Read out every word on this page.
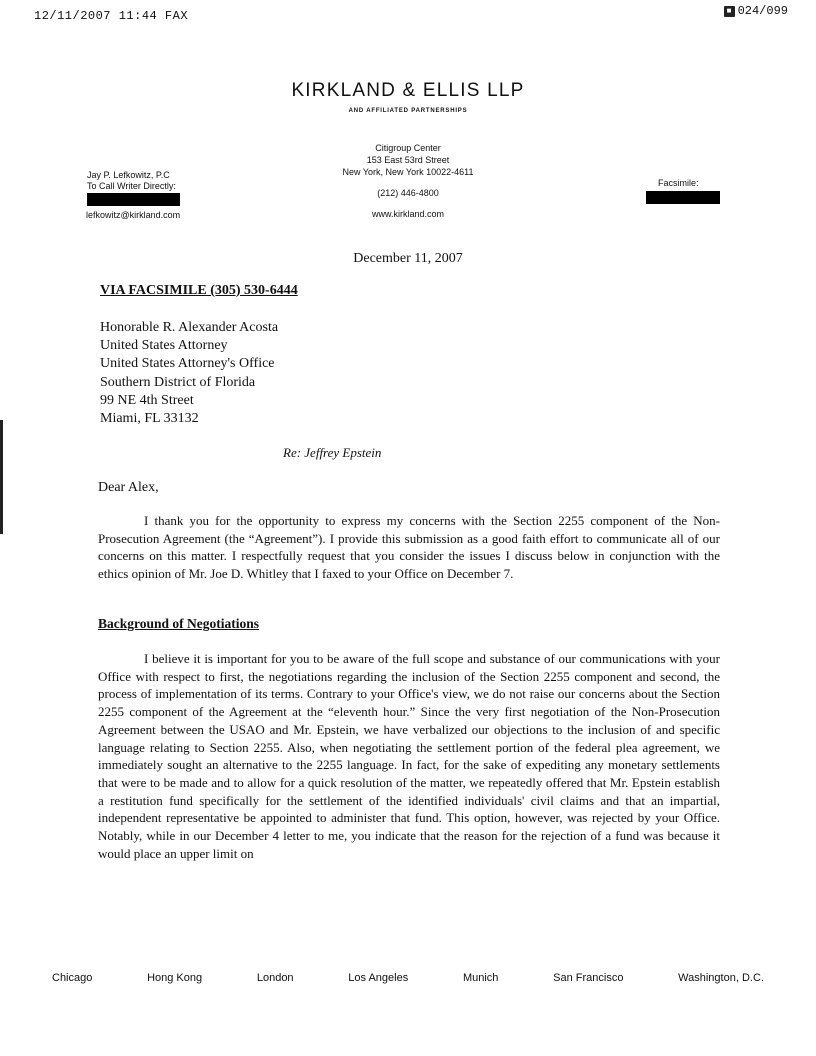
12/11/2007 11:44 FAX	■ 024/099
KIRKLAND & ELLIS LLP
AND AFFILIATED PARTNERSHIPS
Citigroup Center
153 East 53rd Street
New York, New York 10022-4611
(212) 446-4800
www.kirkland.com
Jay P. Lefkowitz, P.C
To Call Writer Directly:
lefkowitz@kirkland.com
Facsimile:
December 11, 2007
VIA FACSIMILE (305) 530-6444
Honorable R. Alexander Acosta
United States Attorney
United States Attorney's Office
Southern District of Florida
99 NE 4th Street
Miami, FL 33132
Re: Jeffrey Epstein
Dear Alex,
I thank you for the opportunity to express my concerns with the Section 2255 component of the Non-Prosecution Agreement (the “Agreement”). I provide this submission as a good faith effort to communicate all of our concerns on this matter. I respectfully request that you consider the issues I discuss below in conjunction with the ethics opinion of Mr. Joe D. Whitley that I faxed to your Office on December 7.
Background of Negotiations
I believe it is important for you to be aware of the full scope and substance of our communications with your Office with respect to first, the negotiations regarding the inclusion of the Section 2255 component and second, the process of implementation of its terms. Contrary to your Office's view, we do not raise our concerns about the Section 2255 component of the Agreement at the “eleventh hour.” Since the very first negotiation of the Non-Prosecution Agreement between the USAO and Mr. Epstein, we have verbalized our objections to the inclusion of and specific language relating to Section 2255. Also, when negotiating the settlement portion of the federal plea agreement, we immediately sought an alternative to the 2255 language. In fact, for the sake of expediting any monetary settlements that were to be made and to allow for a quick resolution of the matter, we repeatedly offered that Mr. Epstein establish a restitution fund specifically for the settlement of the identified individuals' civil claims and that an impartial, independent representative be appointed to administer that fund. This option, however, was rejected by your Office. Notably, while in our December 4 letter to me, you indicate that the reason for the rejection of a fund was because it would place an upper limit on
Chicago	Hong Kong	London	Los Angeles	Munich	San Francisco	Washington, D.C.
